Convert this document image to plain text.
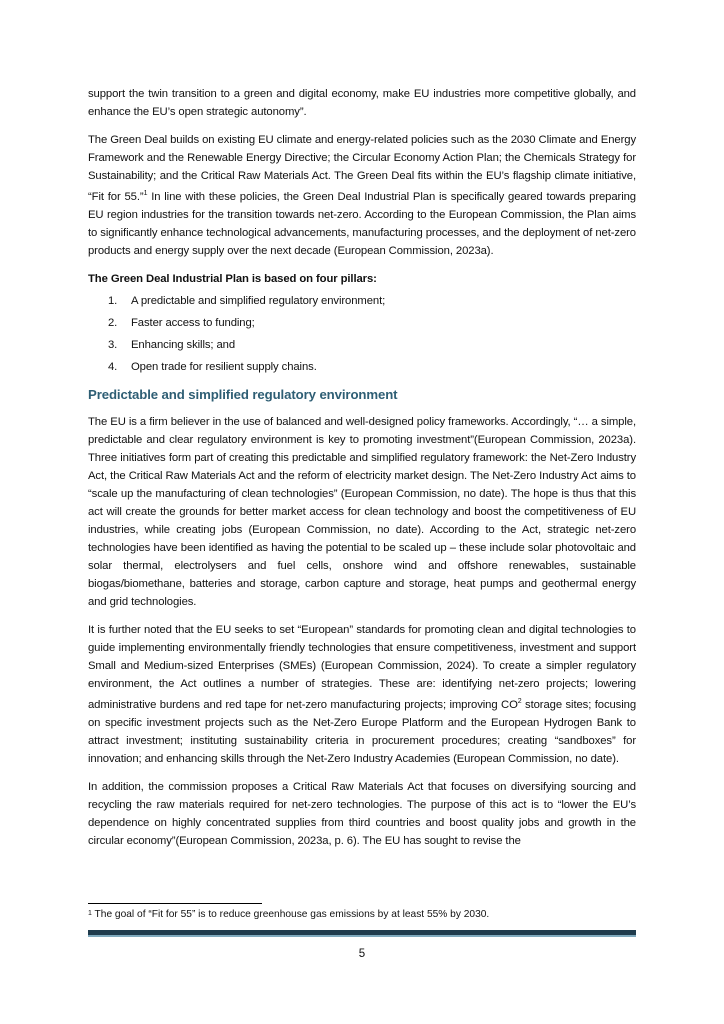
support the twin transition to a green and digital economy, make EU industries more competitive globally, and enhance the EU’s open strategic autonomy”.

The Green Deal builds on existing EU climate and energy-related policies such as the 2030 Climate and Energy Framework and the Renewable Energy Directive; the Circular Economy Action Plan; the Chemicals Strategy for Sustainability; and the Critical Raw Materials Act. The Green Deal fits within the EU’s flagship climate initiative, “Fit for 55.”$^1$ In line with these policies, the Green Deal Industrial Plan is specifically geared towards preparing EU region industries for the transition towards net-zero. According to the European Commission, the Plan aims to significantly enhance technological advancements, manufacturing processes, and the deployment of net-zero products and energy supply over the next decade (European Commission, 2023a).

The Green Deal Industrial Plan is based on four pillars:
1. A predictable and simplified regulatory environment;
2. Faster access to funding;
3. Enhancing skills; and
4. Open trade for resilient supply chains.
Predictable and simplified regulatory environment

The EU is a firm believer in the use of balanced and well-designed policy frameworks. Accordingly, “… a simple, predictable and clear regulatory environment is key to promoting investment”(European Commission, 2023a). Three initiatives form part of creating this predictable and simplified regulatory framework: the Net-Zero Industry Act, the Critical Raw Materials Act and the reform of electricity market design. The Net-Zero Industry Act aims to “scale up the manufacturing of clean technologies” (European Commission, no date). The hope is thus that this act will create the grounds for better market access for clean technology and boost the competitiveness of EU industries, while creating jobs (European Commission, no date). According to the Act, strategic net-zero technologies have been identified as having the potential to be scaled up – these include solar photovoltaic and solar thermal, electrolysers and fuel cells, onshore wind and offshore renewables, sustainable biogas/biomethane, batteries and storage, carbon capture and storage, heat pumps and geothermal energy and grid technologies.

It is further noted that the EU seeks to set “European” standards for promoting clean and digital technologies to guide implementing environmentally friendly technologies that ensure competitiveness, investment and support Small and Medium-sized Enterprises (SMEs) (European Commission, 2024). To create a simpler regulatory environment, the Act outlines a number of strategies. These are: identifying net-zero projects; lowering administrative burdens and red tape for net-zero manufacturing projects; improving $CO^2$ storage sites; focusing on specific investment projects such as the Net-Zero Europe Platform and the European Hydrogen Bank to attract investment; instituting sustainability criteria in procurement procedures; creating “sandboxes” for innovation; and enhancing skills through the Net-Zero Industry Academies (European Commission, no date).

In addition, the commission proposes a Critical Raw Materials Act that focuses on diversifying sourcing and recycling the raw materials required for net-zero technologies. The purpose of this act is to “lower the EU’s dependence on highly concentrated supplies from third countries and boost quality jobs and growth in the circular economy”(European Commission, 2023a, p. 6). The EU has sought to revise the

$^1$ The goal of “Fit for 55” is to reduce greenhouse gas emissions by at least 55% by 2030.
5
